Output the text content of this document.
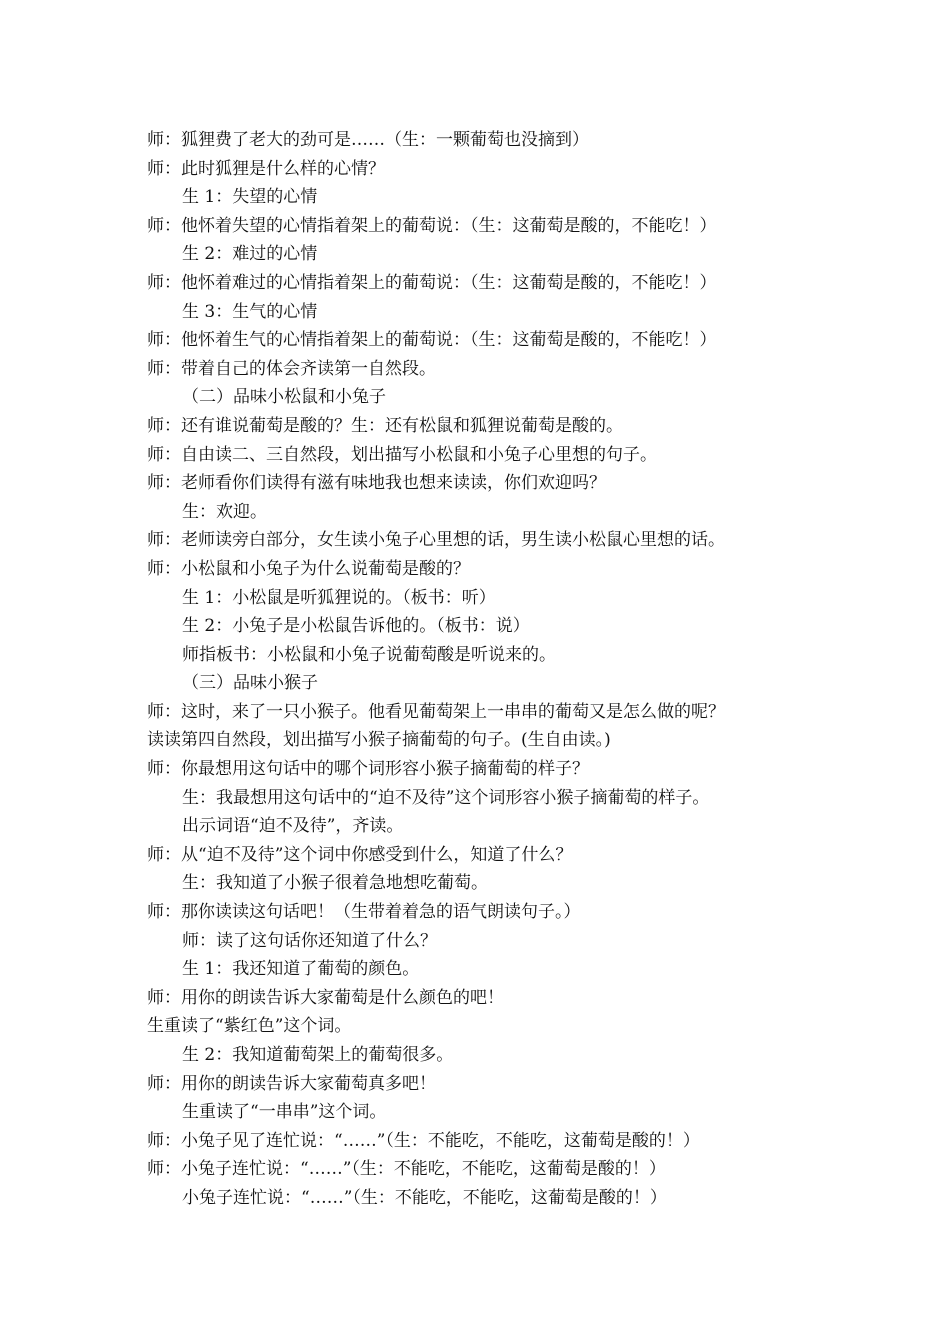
师：狐狸费了老大的劲可是……（生：一颗葡萄也没摘到）
师：此时狐狸是什么样的心情？
生 1：失望的心情
师：他怀着失望的心情指着架上的葡萄说：（生：这葡萄是酸的，不能吃！）
生 2：难过的心情
师：他怀着难过的心情指着架上的葡萄说：（生：这葡萄是酸的，不能吃！）
生 3：生气的心情
师：他怀着生气的心情指着架上的葡萄说：（生：这葡萄是酸的，不能吃！）
师：带着自己的体会齐读第一自然段。
（二）品味小松鼠和小兔子
师：还有谁说葡萄是酸的？生：还有松鼠和狐狸说葡萄是酸的。
师：自由读二、三自然段，划出描写小松鼠和小兔子心里想的句子。
师：老师看你们读得有滋有味地我也想来读读，你们欢迎吗？
生：欢迎。
师：老师读旁白部分，女生读小兔子心里想的话，男生读小松鼠心里想的话。
师：小松鼠和小兔子为什么说葡萄是酸的？
生 1：小松鼠是听狐狸说的。（板书：听）
生 2：小兔子是小松鼠告诉他的。（板书：说）
师指板书：小松鼠和小兔子说葡萄酸是听说来的。
（三）品味小猴子
师：这时，来了一只小猴子。他看见葡萄架上一串串的葡萄又是怎么做的呢？
读读第四自然段，划出描写小猴子摘葡萄的句子。(生自由读。)
师：你最想用这句话中的哪个词形容小猴子摘葡萄的样子？
生：我最想用这句话中的“迫不及待”这个词形容小猴子摘葡萄的样子。
出示词语“迫不及待”，齐读。
师：从“迫不及待”这个词中你感受到什么，知道了什么？
生：我知道了小猴子很着急地想吃葡萄。
师：那你读读这句话吧！（生带着着急的语气朗读句子。）
师：读了这句话你还知道了什么？
生 1：我还知道了葡萄的颜色。
师：用你的朗读告诉大家葡萄是什么颜色的吧！
生重读了“紫红色”这个词。
生 2：我知道葡萄架上的葡萄很多。
师：用你的朗读告诉大家葡萄真多吧！
生重读了“一串串”这个词。
师：小兔子见了连忙说：“……”（生：不能吃，不能吃，这葡萄是酸的！）
师：小兔子连忙说：“……”（生：不能吃，不能吃，这葡萄是酸的！）
小兔子连忙说：“……”（生：不能吃，不能吃，这葡萄是酸的！）
